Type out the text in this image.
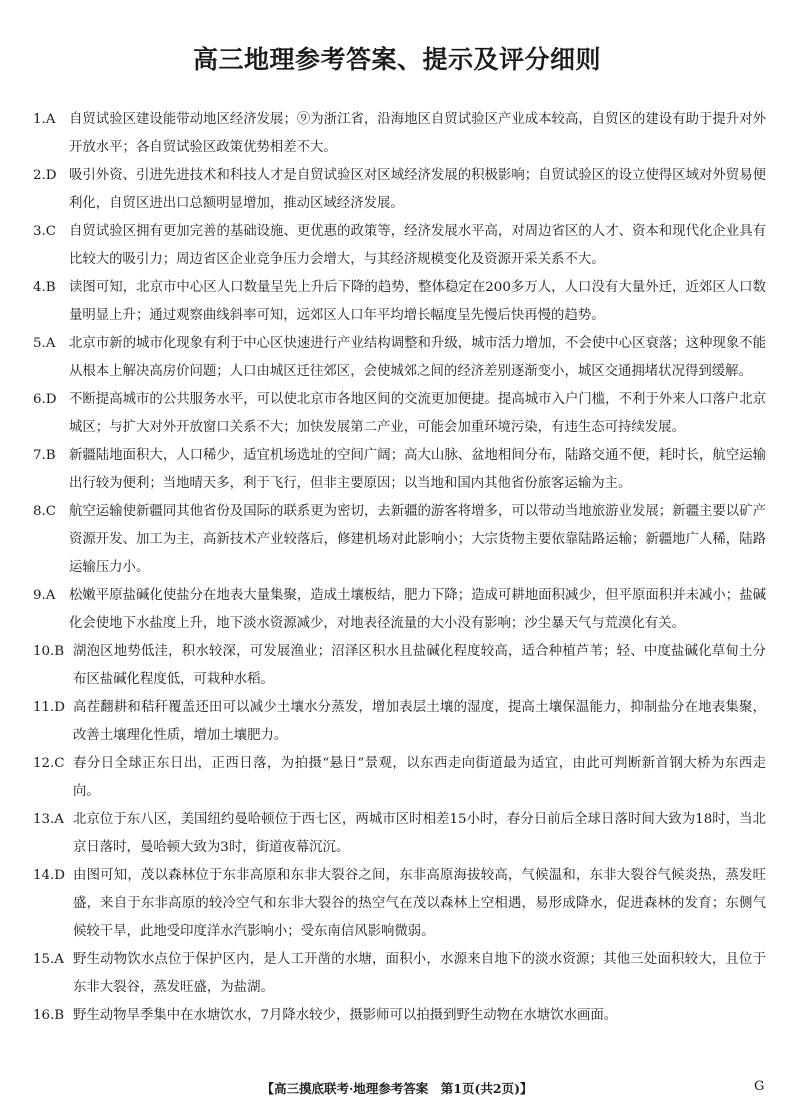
高三地理参考答案、提示及评分细则
1.A 自贸试验区建设能带动地区经济发展；⑨为浙江省，沿海地区自贸试验区产业成本较高，自贸区的建设有助于提升对外开放水平；各自贸试验区政策优势相差不大。
2.D 吸引外资、引进先进技术和科技人才是自贸试验区对区域经济发展的积极影响；自贸试验区的设立使得区域对外贸易便利化，自贸区进出口总额明显增加，推动区域经济发展。
3.C 自贸试验区拥有更加完善的基础设施、更优惠的政策等，经济发展水平高，对周边省区的人才、资本和现代化企业具有比较大的吸引力；周边省区企业竞争压力会增大，与其经济规模变化及资源开采关系不大。
4.B 读图可知，北京市中心区人口数量呈先上升后下降的趋势，整体稳定在200多万人，人口没有大量外迁，近郊区人口数量明显上升；通过观察曲线斜率可知，远郊区人口年平均增长幅度呈先慢后快再慢的趋势。
5.A 北京市新的城市化现象有利于中心区快速进行产业结构调整和升级，城市活力增加，不会使中心区衰落；这种现象不能从根本上解决高房价问题；人口由城区迁往郊区，会使城郊之间的经济差别逐渐变小，城区交通拥堵状况得到缓解。
6.D 不断提高城市的公共服务水平，可以使北京市各地区间的交流更加便捷。提高城市入户门槛，不利于外来人口落户北京城区；与扩大对外开放窗口关系不大；加快发展第二产业，可能会加重环境污染，有违生态可持续发展。
7.B 新疆陆地面积大，人口稀少，适宜机场选址的空间广阔；高大山脉、盆地相间分布，陆路交通不便，耗时长，航空运输出行较为便利；当地晴天多，利于飞行，但非主要原因；以当地和国内其他省份旅客运输为主。
8.C 航空运输使新疆同其他省份及国际的联系更为密切，去新疆的游客将增多，可以带动当地旅游业发展；新疆主要以矿产资源开发、加工为主，高新技术产业较落后，修建机场对此影响小；大宗货物主要依靠陆路运输；新疆地广人稀，陆路运输压力小。
9.A 松嫩平原盐碱化使盐分在地表大量集聚，造成土壤板结，肥力下降；造成可耕地面积减少，但平原面积并未减小；盐碱化会使地下水盐度上升，地下淡水资源减少，对地表径流量的大小没有影响；沙尘暴天气与荒漠化有关。
10.B 湖泡区地势低洼，积水较深，可发展渔业；沼泽区积水且盐碱化程度较高，适合种植芦苇；轻、中度盐碱化草甸土分布区盐碱化程度低，可栽种水稻。
11.D 高茬翻耕和秸秆覆盖还田可以减少土壤水分蒸发，增加表层土壤的湿度，提高土壤保温能力，抑制盐分在地表集聚，改善土壤理化性质，增加土壤肥力。
12.C 春分日全球正东日出，正西日落，为拍摄“悬日”景观，以东西走向街道最为适宜，由此可判断新首钢大桥为东西走向。
13.A 北京位于东八区，美国纽约曼哈顿位于西七区，两城市区时相差15小时，春分日前后全球日落时间大致为18时，当北京日落时，曼哈顿大致为3时，街道夜幕沉沉。
14.D 由图可知，茂以森林位于东非高原和东非大裂谷之间，东非高原海拔较高，气候温和，东非大裂谷气候炎热，蒸发旺盛，来自于东非高原的较冷空气和东非大裂谷的热空气在茂以森林上空相遇，易形成降水，促进森林的发育；东侧气候较干旱，此地受印度洋水汽影响小；受东南信风影响微弱。
15.A 野生动物饮水点位于保护区内，是人工开凿的水塘，面积小，水源来自地下的淡水资源；其他三处面积较大，且位于东非大裂谷，蒸发旺盛，为盐湖。
16.B 野生动物旱季集中在水塘饮水，7月降水较少，摄影师可以拍摄到野生动物在水塘饮水画面。
【高三摸底联考·地理参考答案　第1页(共2页)】	G
